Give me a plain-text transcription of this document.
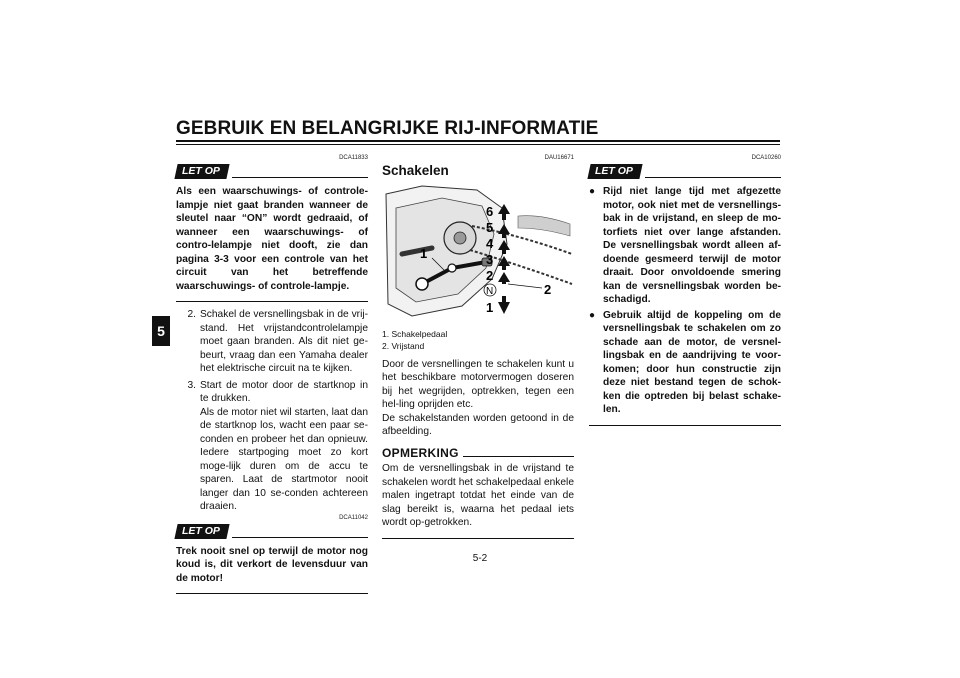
GEBRUIK EN BELANGRIJKE RIJ-INFORMATIE
5
DCA11833
LET OP
Als een waarschuwings- of controle-lampje niet gaat branden wanneer de sleutel naar “ON” wordt gedraaid, of wanneer een waarschuwings- of contro-lelampje niet dooft, zie dan pagina 3-3 voor een controle van het circuit van het betreffende waarschuwings- of controle-lampje.
2. Schakel de versnellingsbak in de vrij-stand. Het vrijstandcontrolelampje moet gaan branden. Als dit niet ge-beurt, vraag dan een Yamaha dealer het elektrische circuit na te kijken.

3. Start de motor door de startknop in te drukken.

Als de motor niet wil starten, laat dan de startknop los, wacht een paar se-conden en probeer het dan opnieuw. Iedere startpoging moet zo kort moge-lijk duren om de accu te sparen. Laat de startmotor nooit langer dan 10 se-conden achtereen draaien.

DCA11042
LET OP
Trek nooit snel op terwijl de motor nog koud is, dit verkort de levensduur van de motor!
DAU16671
Schakelen
1
2
6
5
4
3
2
N
1
1. Schakelpedaal
2. Vrijstand
Door de versnellingen te schakelen kunt u het beschikbare motorvermogen doseren bij het wegrijden, optrekken, tegen een hel-ling oprijden etc.
De schakelstanden worden getoond in de afbeelding.
OPMERKING
Om de versnellingsbak in de vrijstand te schakelen wordt het schakelpedaal enkele malen ingetrapt totdat het einde van de slag bereikt is, waarna het pedaal iets wordt op-getrokken.
DCA10260
LET OP
● Rijd niet lange tijd met afgezette motor, ook niet met de versnellings-bak in de vrijstand, en sleep de mo-torfiets niet over lange afstanden. De versnellingsbak wordt alleen af-doende gesmeerd terwijl de motor draait. Door onvoldoende smering kan de versnellingsbak worden be-schadigd.
● Gebruik altijd de koppeling om de versnellingsbak te schakelen om zo schade aan de motor, de versnel-lingsbak en de aandrijving te voor-komen; door hun constructie zijn deze niet bestand tegen de schok-ken die optreden bij belast schake-len.
5-2
